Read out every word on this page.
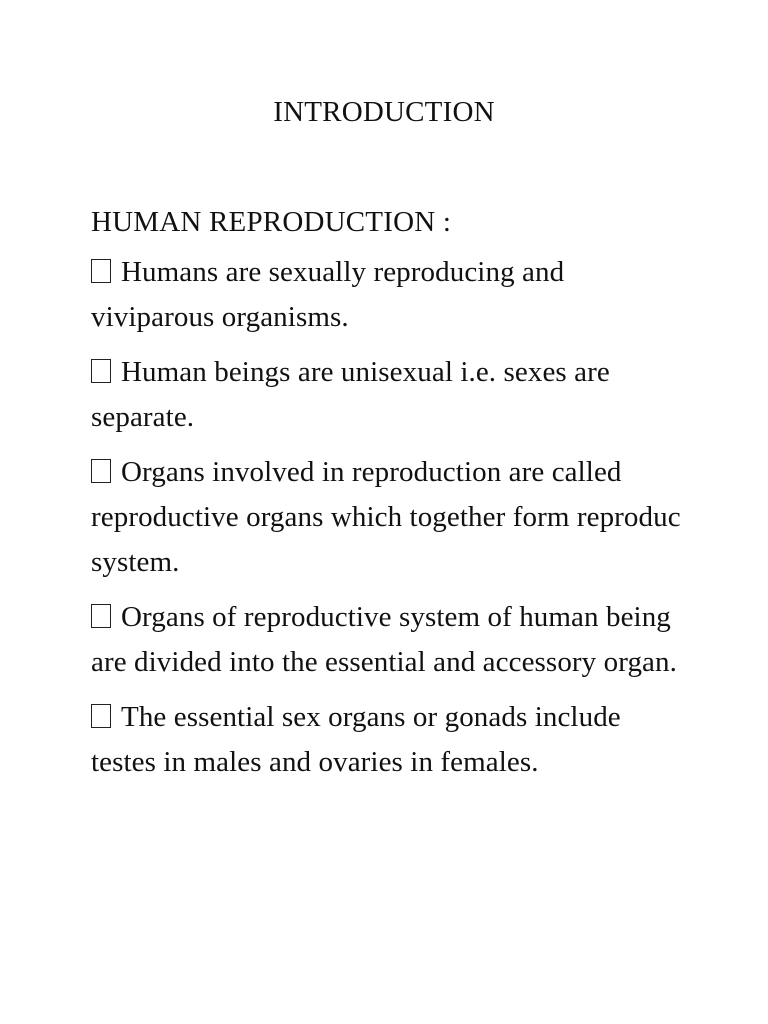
INTRODUCTION
HUMAN REPRODUCTION :
Humans are sexually reproducing and viviparous organisms.
Human beings are unisexual i.e. sexes are separate.
Organs involved in reproduction are called reproductive organs which together form reproduc system.
Organs of reproductive system of human being are divided into the essential and accessory organ.
The essential sex organs or gonads include testes in males and ovaries in females.
